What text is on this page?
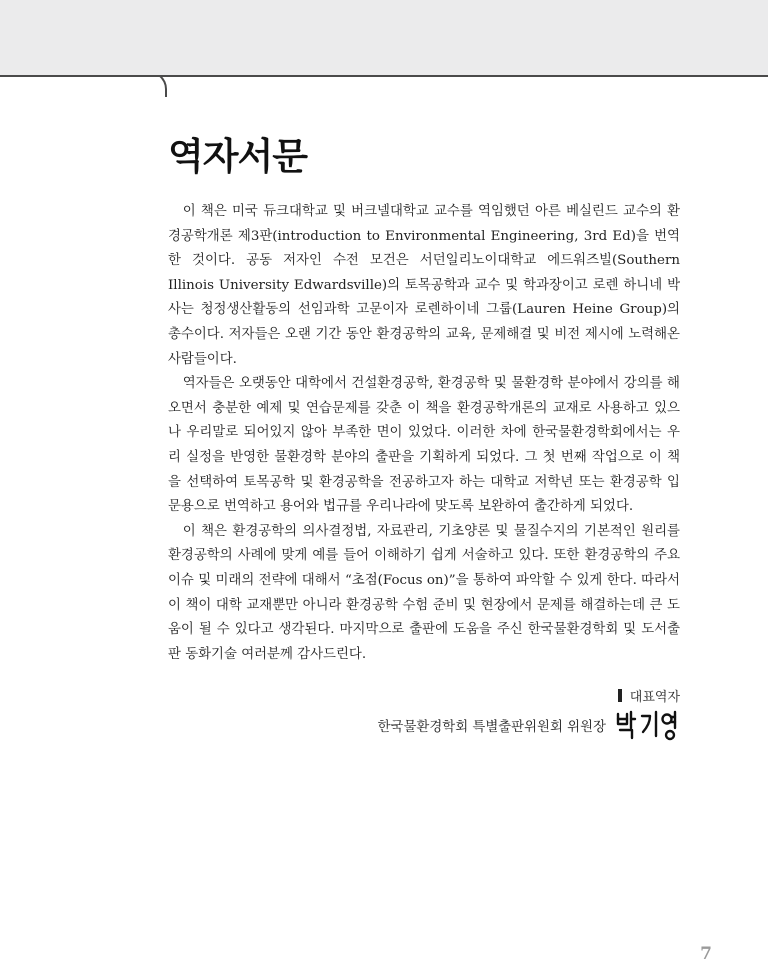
역자서문

이 책은 미국 듀크대학교 및 버크넬대학교 교수를 역임했던 아른 베실린드 교수의 환경공학개론 제3판(introduction to Environmental Engineering, 3rd Ed)을 번역한 것이다. 공동 저자인 수전 모건은 서던일리노이대학교 에드워즈빌(Southern Illinois University Edwardsville)의 토목공학과 교수 및 학과장이고 로렌 하니네 박사는 청정생산활동의 선임과학 고문이자 로렌하이네 그룹(Lauren Heine Group)의 총수이다. 저자들은 오랜 기간 동안 환경공학의 교육, 문제해결 및 비전 제시에 노력해온 사람들이다.

역자들은 오랫동안 대학에서 건설환경공학, 환경공학 및 물환경학 분야에서 강의를 해오면서 충분한 예제 및 연습문제를 갖춘 이 책을 환경공학개론의 교재로 사용하고 있으나 우리말로 되어있지 않아 부족한 면이 있었다. 이러한 차에 한국물환경학회에서는 우리 실정을 반영한 물환경학 분야의 출판을 기획하게 되었다. 그 첫 번째 작업으로 이 책을 선택하여 토목공학 및 환경공학을 전공하고자 하는 대학교 저학년 또는 환경공학 입문용으로 번역하고 용어와 법규를 우리나라에 맞도록 보완하여 출간하게 되었다.

이 책은 환경공학의 의사결정법, 자료관리, 기초양론 및 물질수지의 기본적인 원리를 환경공학의 사례에 맞게 예를 들어 이해하기 쉽게 서술하고 있다. 또한 환경공학의 주요 이슈 및 미래의 전략에 대해서 “초점(Focus on)”을 통하여 파악할 수 있게 한다. 따라서 이 책이 대학 교재뿐만 아니라 환경공학 수험 준비 및 현장에서 문제를 해결하는데 큰 도움이 될 수 있다고 생각된다. 마지막으로 출판에 도움을 주신 한국물환경학회 및 도서출판 동화기술 여러분께 감사드린다.

대표역자
한국물환경학회 특별출판위원회 위원장
7
